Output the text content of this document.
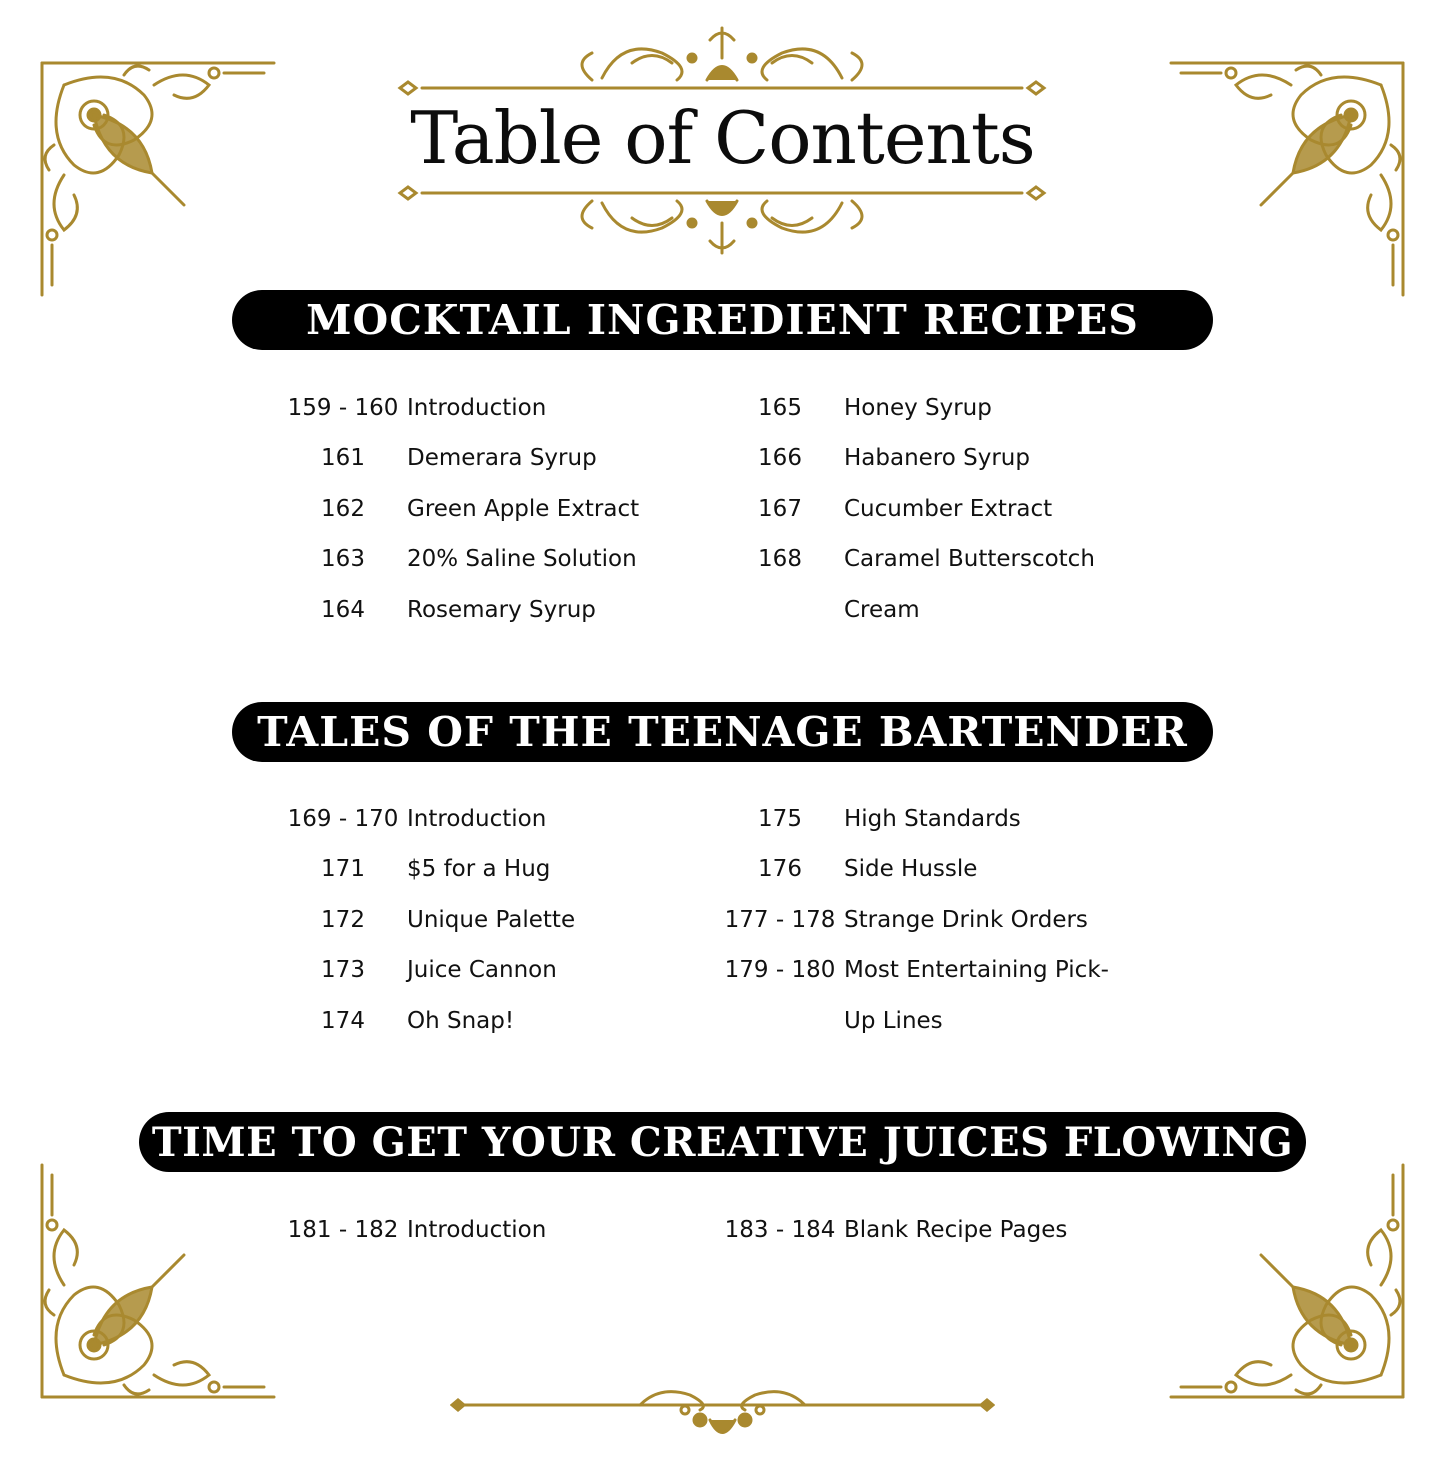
Table of Contents
MOCKTAIL INGREDIENT RECIPES
159 - 160 Introduction
161	Demerara Syrup
162	Green Apple Extract
163	20% Saline Solution
164	Rosemary Syrup
165	Honey Syrup
166	Habanero Syrup
167	Cucumber Extract
168	Caramel Butterscotch
Cream
TALES OF THE TEENAGE BARTENDER
169 - 170 Introduction
171	$5 for a Hug
172	Unique Palette
173	Juice Cannon
174	Oh Snap!
175	High Standards
176	Side Hussle
177 - 178 Strange Drink Orders
179 - 180 Most Entertaining Pick-
Up Lines
TIME TO GET YOUR CREATIVE JUICES FLOWING
181 - 182 Introduction	183 - 184 Blank Recipe Pages
